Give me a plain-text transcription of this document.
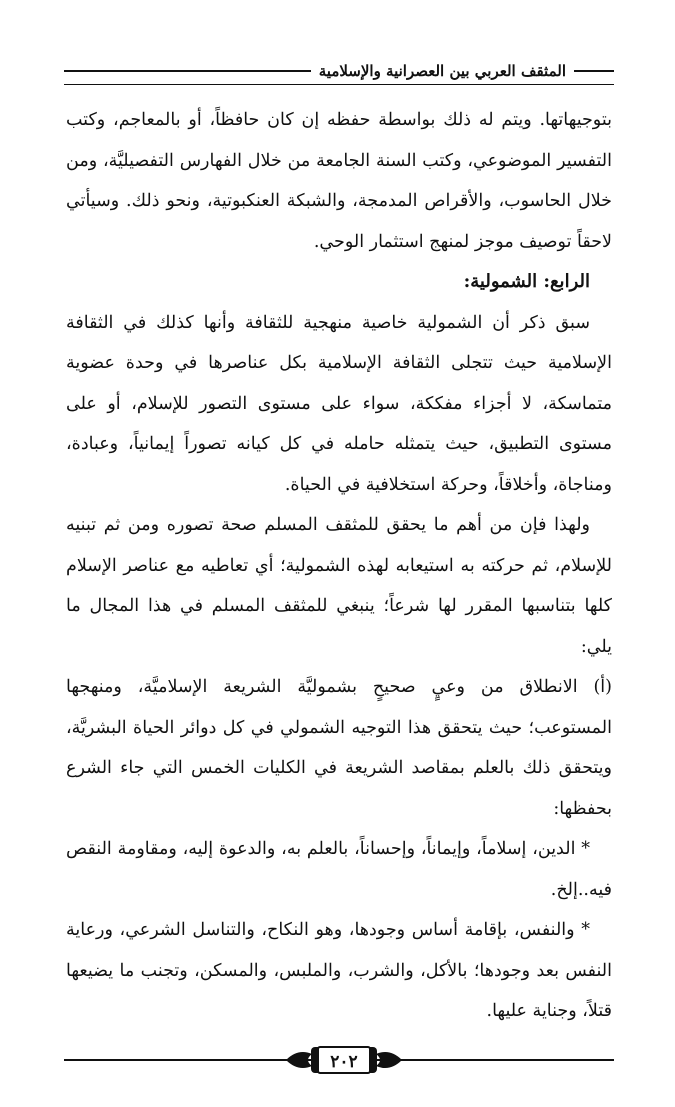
المثقف العربي بين العصرانية والإسلامية

بتوجيهاتها. ويتم له ذلك بواسطة حفظه إن كان حافظاً، أو بالمعاجم، وكتب التفسير الموضوعي، وكتب السنة الجامعة من خلال الفهارس التفصيليَّة، ومن خلال الحاسوب، والأقراص المدمجة، والشبكة العنكبوتية، ونحو ذلك. وسيأتي لاحقاً توصيف موجز لمنهج استثمار الوحي.

الرابع: الشمولية:

سبق ذكر أن الشمولية خاصية منهجية للثقافة وأنها كذلك في الثقافة الإسلامية حيث تتجلى الثقافة الإسلامية بكل عناصرها في وحدة عضوية متماسكة، لا أجزاء مفككة، سواء على مستوى التصور للإسلام، أو على مستوى التطبيق، حيث يتمثله حامله في كل كيانه تصوراً إيمانياً، وعبادة، ومناجاة، وأخلاقاً، وحركة استخلافية في الحياة.

ولهذا فإن من أهم ما يحقق للمثقف المسلم صحة تصوره ومن ثم تبنيه للإسلام، ثم حركته به استيعابه لهذه الشمولية؛ أي تعاطيه مع عناصر الإسلام كلها بتناسبها المقرر لها شرعاً؛ ينبغي للمثقف المسلم في هذا المجال ما يلي:

(أ) الانطلاق من وعيٍ صحيحٍ بشموليَّة الشريعة الإسلاميَّة، ومنهجها المستوعب؛ حيث يتحقق هذا التوجيه الشمولي في كل دوائر الحياة البشريَّة، ويتحقق ذلك بالعلم بمقاصد الشريعة في الكليات الخمس التي جاء الشرع بحفظها:

* الدين، إسلاماً، وإيماناً، وإحساناً، بالعلم به، والدعوة إليه، ومقاومة النقص فيه..إلخ.

* والنفس، بإقامة أساس وجودها، وهو النكاح، والتناسل الشرعي، ورعاية النفس بعد وجودها؛ بالأكل، والشرب، والملبس، والمسكن، وتجنب ما يضيعها قتلاً، وجناية عليها.

٢٠٢
